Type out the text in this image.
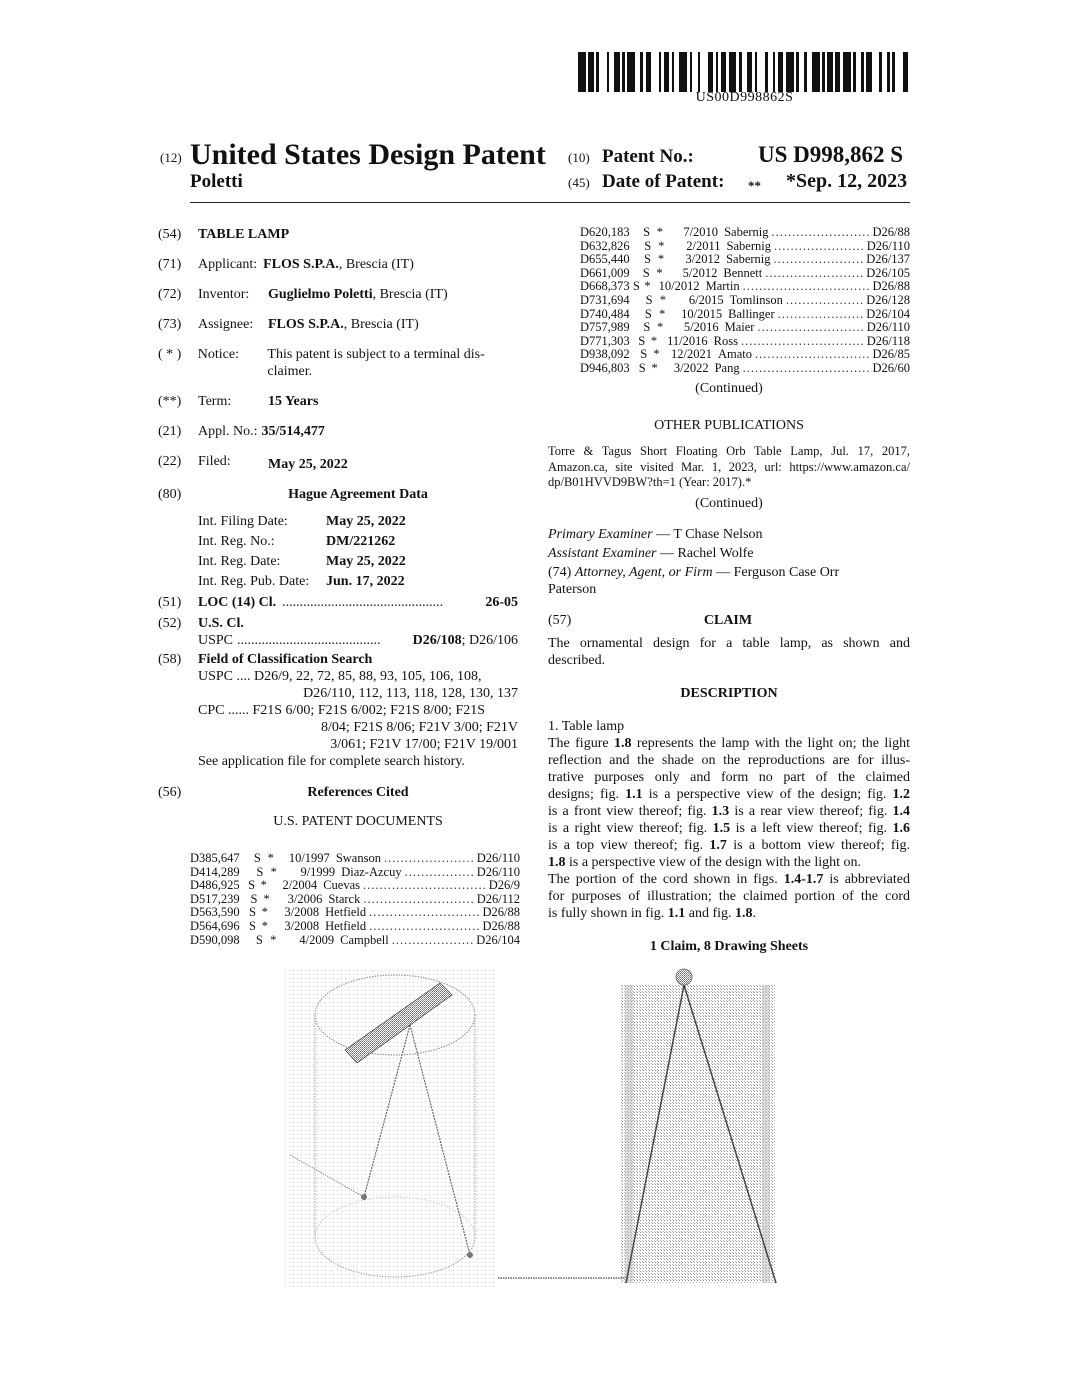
US00D998862S
(12) United States Design Patent (10) Patent No.:	US D998,862 S
Poletti	(45) Date of Patent: ** *Sep. 12, 2023
(54)	TABLE LAMP
(71)	Applicant: FLOS S.P.A. , Brescia (IT)
(72)	Inventor:	Guglielmo Poletti , Brescia (IT)
(73)	Assignee:	FLOS S.P.A. , Brescia (IT)
( * )	Notice:	This patent is subject to a terminal dis-
claimer.
(**)	Term:	15 Years
(21)	Appl. No.: 35/514,477
(22)	Filed:	May 25, 2022
(80)	Hague Agreement Data
Int. Filing Date:	May 25, 2022
Int. Reg. No.:	DM/221262
Int. Reg. Date:	May 25, 2022
Int. Reg. Pub. Date:	Jun. 17, 2022
(51)	LOC (14) Cl. ..............................................	26-05
(52)	U.S. Cl.
USPC .........................................	D26/108 ; D26/106
(58)	Field of Classification Search
USPC .... D26/9, 22, 72, 85, 88, 93, 105, 106, 108,
D26/110, 112, 113, 118, 128, 130, 137
CPC ...... F21S 6/00; F21S 6/002; F21S 8/00; F21S
8/04; F21S 8/06; F21V 3/00; F21V
3/061; F21V 17/00; F21V 19/001
See application file for complete search history.
(56)	References Cited
U.S. PATENT DOCUMENTS
D385,647	S *	10/1997 Swanson ...................... D26/110
D414,289	S *	9/1999 Diaz-Azcuy ................. D26/110
D486,925 S *	2/2004 Cuevas .............................. D26/9
D517,239 S *	3/2006 Starck ........................... D26/112
D563,590 S *	3/2008 Hetfield ........................... D26/88
D564,696 S *	3/2008 Hetfield ........................... D26/88
D590,098	S *	4/2009 Campbell .................... D26/104
D620,183	S *	7/2010 Sabernig ........................ D26/88
D632,826	S *	2/2011 Sabernig ...................... D26/110
D655,440	S *	3/2012 Sabernig ...................... D26/137
D661,009	S *	5/2012 Bennett ........................ D26/105
D668,373 S * 10/2012 Martin ............................... D26/88
D731,694	S *	6/2015 Tomlinson ................... D26/128
D740,484	S *	10/2015 Ballinger ..................... D26/104
D757,989	S *	5/2016 Maier .......................... D26/110
D771,303 S * 11/2016 Ross .............................. D26/118
D938,092 S * 12/2021 Amato ............................ D26/85
D946,803 S *	3/2022 Pang ............................... D26/60
(Continued)
OTHER PUBLICATIONS
Torre & Tagus Short Floating Orb Table Lamp, Jul. 17, 2017,
Amazon.ca, site visited Mar. 1, 2023, url: https://www.amazon.ca/
dp/B01HVVD9BW?th=1 (Year: 2017).*
(Continued)
Primary Examiner — T Chase Nelson
Assistant Examiner — Rachel Wolfe
(74) Attorney, Agent, or Firm — Ferguson Case Orr
Paterson
(57)	CLAIM
The ornamental design for a table lamp, as shown and
described.
DESCRIPTION
1. Table lamp
The figure 1.8 represents the lamp with the light on; the light
reflection and the shade on the reproductions are for illus-
trative purposes only and form no part of the claimed
designs; fig. 1.1 is a perspective view of the design; fig. 1.2
is a front view thereof; fig. 1.3 is a rear view thereof; fig. 1.4
is a right view thereof; fig. 1.5 is a left view thereof; fig. 1.6
is a top view thereof; fig. 1.7 is a bottom view thereof; fig.
1.8 is a perspective view of the design with the light on.
The portion of the cord shown in figs. 1.4-1.7 is abbreviated
for purposes of illustration; the claimed portion of the cord
is fully shown in fig. 1.1 and fig. 1.8.
1 Claim, 8 Drawing Sheets
